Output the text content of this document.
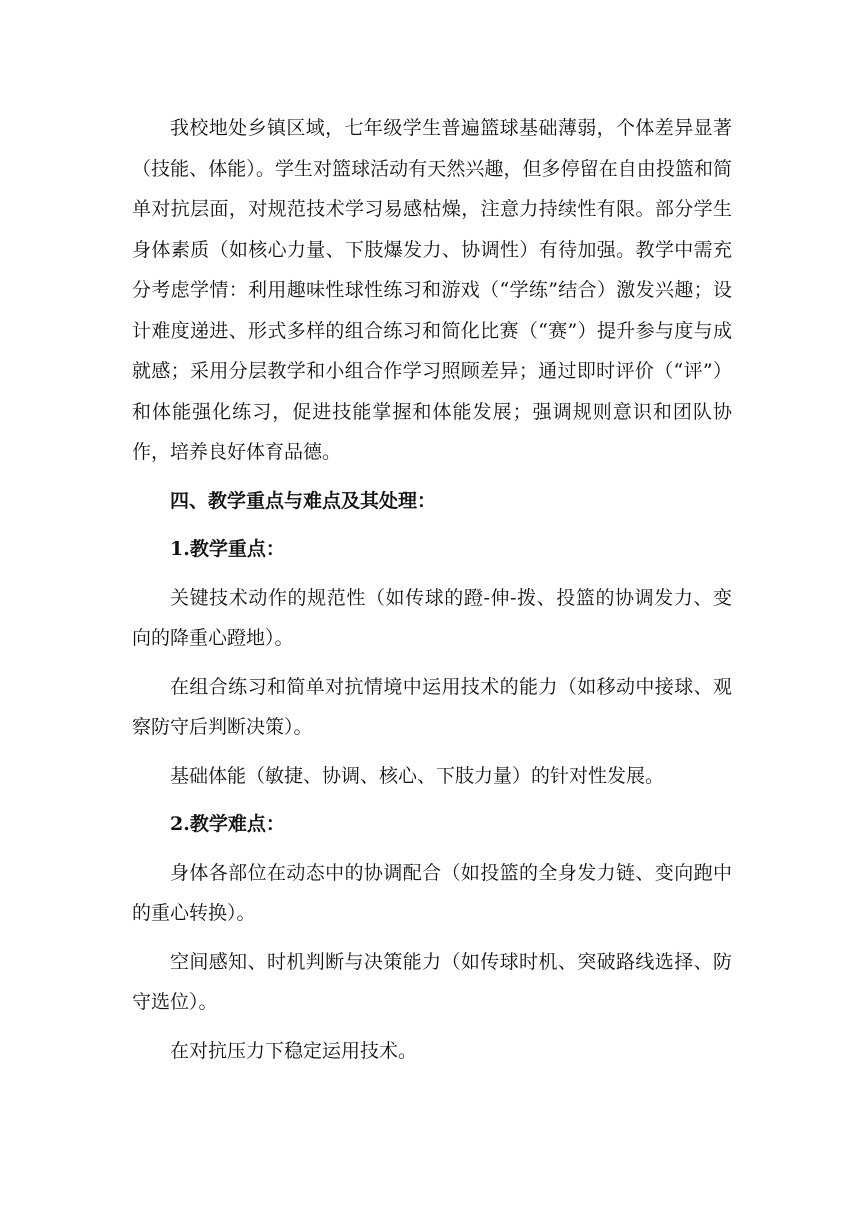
我校地处乡镇区域，七年级学生普遍篮球基础薄弱，个体差异显著（技能、体能）。学生对篮球活动有天然兴趣，但多停留在自由投篮和简单对抗层面，对规范技术学习易感枯燥，注意力持续性有限。部分学生身体素质（如核心力量、下肢爆发力、协调性）有待加强。教学中需充分考虑学情：利用趣味性球性练习和游戏（“学练”结合）激发兴趣；设计难度递进、形式多样的组合练习和简化比赛（“赛”）提升参与度与成就感；采用分层教学和小组合作学习照顾差异；通过即时评价（“评”）和体能强化练习，促进技能掌握和体能发展；强调规则意识和团队协作，培养良好体育品德。

四、教学重点与难点及其处理：

1.教学重点：

关键技术动作的规范性（如传球的蹬-伸-拨、投篮的协调发力、变向的降重心蹬地）。

在组合练习和简单对抗情境中运用技术的能力（如移动中接球、观察防守后判断决策）。

基础体能（敏捷、协调、核心、下肢力量）的针对性发展。

2.教学难点：

身体各部位在动态中的协调配合（如投篮的全身发力链、变向跑中的重心转换）。

空间感知、时机判断与决策能力（如传球时机、突破路线选择、防守选位）。

在对抗压力下稳定运用技术。
